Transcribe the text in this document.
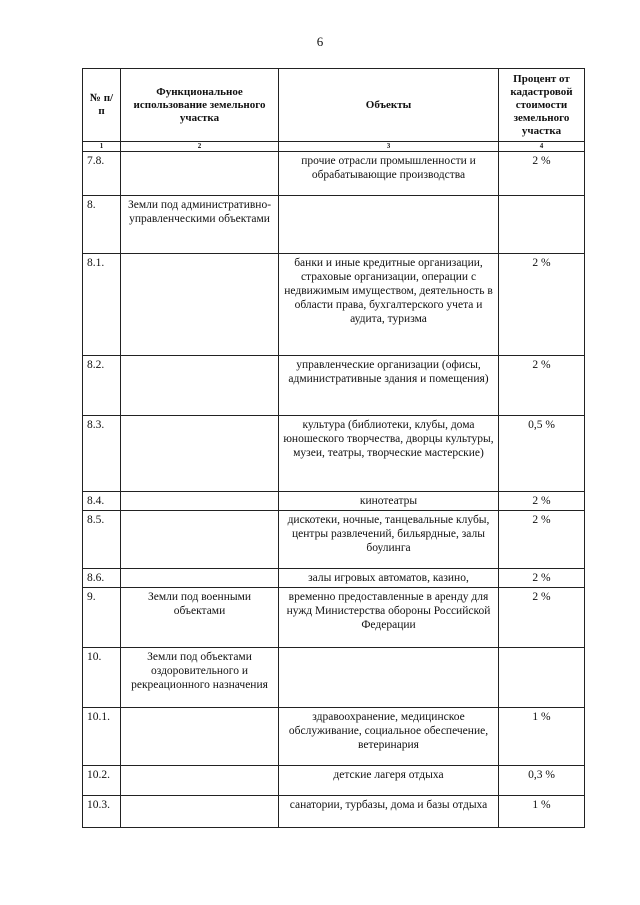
6
№ п/п	Функциональное использование земельного участка	Объекты	Процент от кадастровой стоимости земельного участка
1	2	3	4
7.8.		прочие отрасли промышленности и обрабатывающие производства	2 %
8.	Земли под административно-управленческими объектами		
8.1.		банки и иные кредитные организации, страховые организации, операции с недвижимым имуществом, деятельность в области права, бухгалтерского учета и аудита, туризма	2 %
8.2.		управленческие организации (офисы, административные здания и помещения)	2 %
8.3.		культура (библиотеки, клубы, дома юношеского творчества, дворцы культуры, музеи, театры, творческие мастерские)	0,5 %
8.4.		кинотеатры	2 %
8.5.		дискотеки, ночные, танцевальные клубы, центры развлечений, бильярдные, залы боулинга	2 %
8.6.		залы игровых автоматов, казино,	2 %
9.	Земли под военными объектами	временно предоставленные в аренду для нужд Министерства обороны Российской Федерации	2 %
10.	Земли под объектами оздоровительного и рекреационного назначения		
10.1.		здравоохранение, медицинское обслуживание, социальное обеспечение, ветеринария	1 %
10.2.		детские лагеря отдыха	0,3 %
10.3.		санатории, турбазы, дома и базы отдыха	1 %
